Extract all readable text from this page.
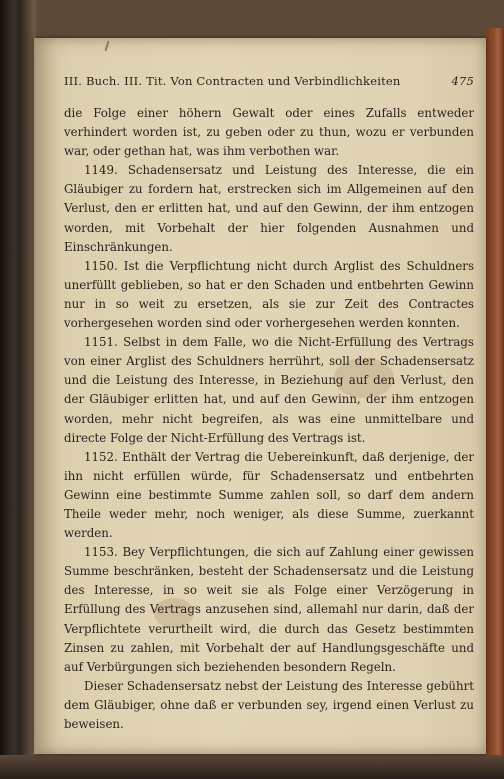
III. Buch. III. Tit. Von Contracten und Verbindlichkeiten	475

die Folge einer höhern Gewalt oder eines Zufalls entweder verhindert worden ist, zu geben oder zu thun, wozu er verbunden war, oder gethan hat, was ihm verbothen war.

1149. Schadensersatz und Leistung des Interesse, die ein Gläubiger zu fordern hat, erstrecken sich im Allgemeinen auf den Verlust, den er erlitten hat, und auf den Gewinn, der ihm entzogen worden, mit Vorbehalt der hier folgenden Ausnahmen und Einschränkungen.

1150. Ist die Verpflichtung nicht durch Arglist des Schuldners unerfüllt geblieben, so hat er den Schaden und entbehrten Gewinn nur in so weit zu ersetzen, als sie zur Zeit des Contractes vorhergesehen worden sind oder vorhergesehen werden konnten.

1151. Selbst in dem Falle, wo die Nicht-Erfüllung des Vertrags von einer Arglist des Schuldners herrührt, soll der Schadensersatz und die Leistung des Interesse, in Beziehung auf den Verlust, den der Gläubiger erlitten hat, und auf den Gewinn, der ihm entzogen worden, mehr nicht begreifen, als was eine unmittelbare und directe Folge der Nicht-Erfüllung des Vertrags ist.

1152. Enthält der Vertrag die Uebereinkunft, daß derjenige, der ihn nicht erfüllen würde, für Schadensersatz und entbehrten Gewinn eine bestimmte Summe zahlen soll, so darf dem andern Theile weder mehr, noch weniger, als diese Summe, zuerkannt werden.

1153. Bey Verpflichtungen, die sich auf Zahlung einer gewissen Summe beschränken, besteht der Schadensersatz und die Leistung des Interesse, in so weit sie als Folge einer Verzögerung in Erfüllung des Vertrags anzusehen sind, allemahl nur darin, daß der Verpflichtete verurtheilt wird, die durch das Gesetz bestimmten Zinsen zu zahlen, mit Vorbehalt der auf Handlungsgeschäfte und auf Verbürgungen sich beziehenden besondern Regeln.

Dieser Schadensersatz nebst der Leistung des Interesse gebührt dem Gläubiger, ohne daß er verbunden sey, irgend einen Verlust zu beweisen.
